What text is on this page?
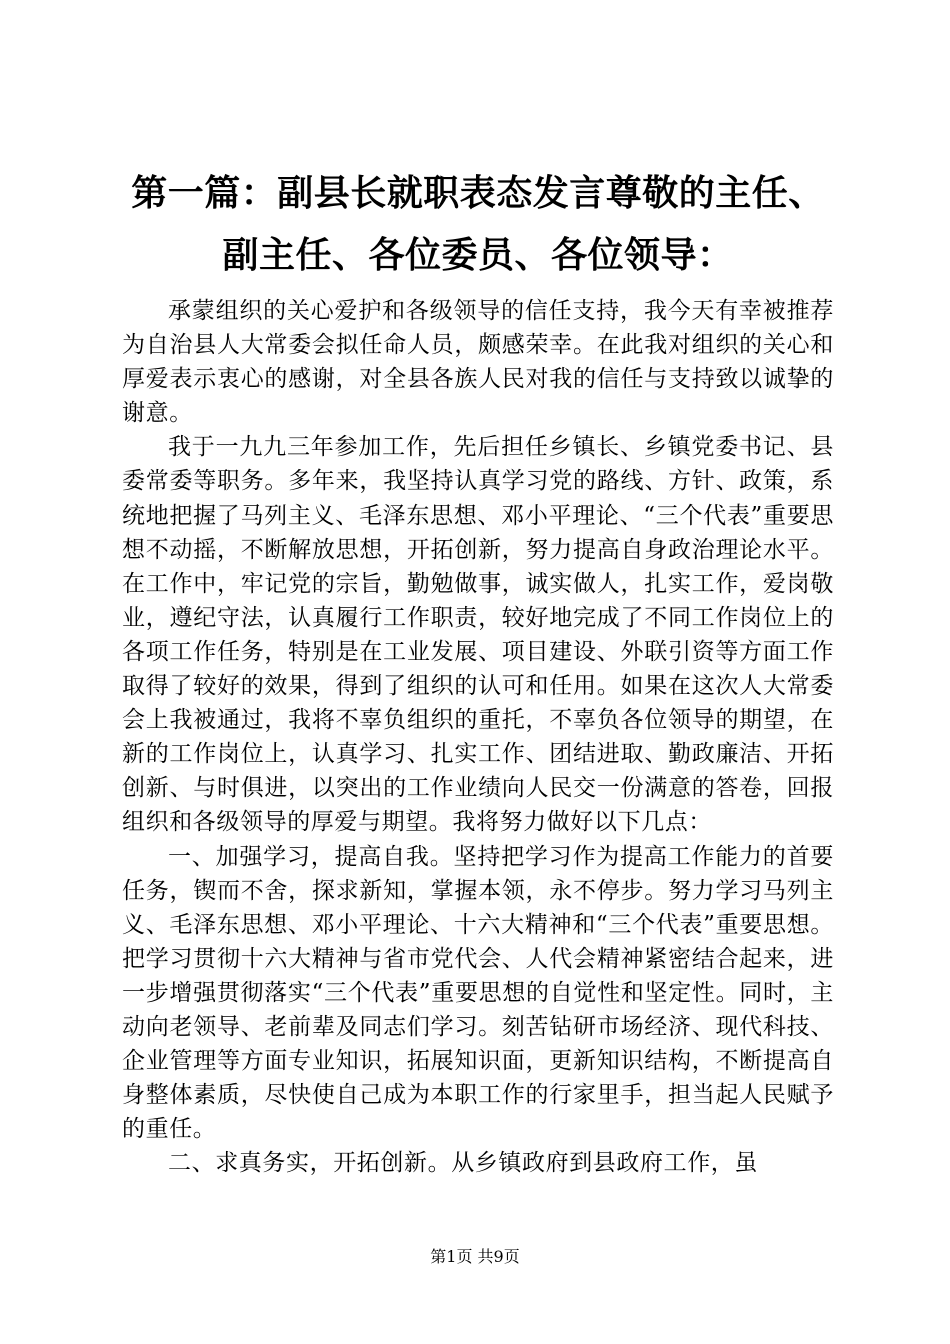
第一篇：副县长就职表态发言尊敬的主任、副主任、各位委员、各位领导：

承蒙组织的关心爱护和各级领导的信任支持，我今天有幸被推荐为自治县人大常委会拟任命人员，颇感荣幸。在此我对组织的关心和厚爱表示衷心的感谢，对全县各族人民对我的信任与支持致以诚挚的谢意。

我于一九九三年参加工作，先后担任乡镇长、乡镇党委书记、县委常委等职务。多年来，我坚持认真学习党的路线、方针、政策，系统地把握了马列主义、毛泽东思想、邓小平理论、“三个代表”重要思想不动摇，不断解放思想，开拓创新，努力提高自身政治理论水平。在工作中，牢记党的宗旨，勤勉做事，诚实做人，扎实工作，爱岗敬业，遵纪守法，认真履行工作职责，较好地完成了不同工作岗位上的各项工作任务，特别是在工业发展、项目建设、外联引资等方面工作取得了较好的效果，得到了组织的认可和任用。如果在这次人大常委会上我被通过，我将不辜负组织的重托，不辜负各位领导的期望，在新的工作岗位上，认真学习、扎实工作、团结进取、勤政廉洁、开拓创新、与时俱进，以突出的工作业绩向人民交一份满意的答卷，回报组织和各级领导的厚爱与期望。我将努力做好以下几点：

一、加强学习，提高自我。坚持把学习作为提高工作能力的首要任务，锲而不舍，探求新知，掌握本领，永不停步。努力学习马列主义、毛泽东思想、邓小平理论、十六大精神和“三个代表”重要思想。把学习贯彻十六大精神与省市党代会、人代会精神紧密结合起来，进一步增强贯彻落实“三个代表”重要思想的自觉性和坚定性。同时，主动向老领导、老前辈及同志们学习。刻苦钻研市场经济、现代科技、企业管理等方面专业知识，拓展知识面，更新知识结构，不断提高自身整体素质，尽快使自己成为本职工作的行家里手，担当起人民赋予的重任。

二、求真务实，开拓创新。从乡镇政府到县政府工作，虽

第1页 共9页
